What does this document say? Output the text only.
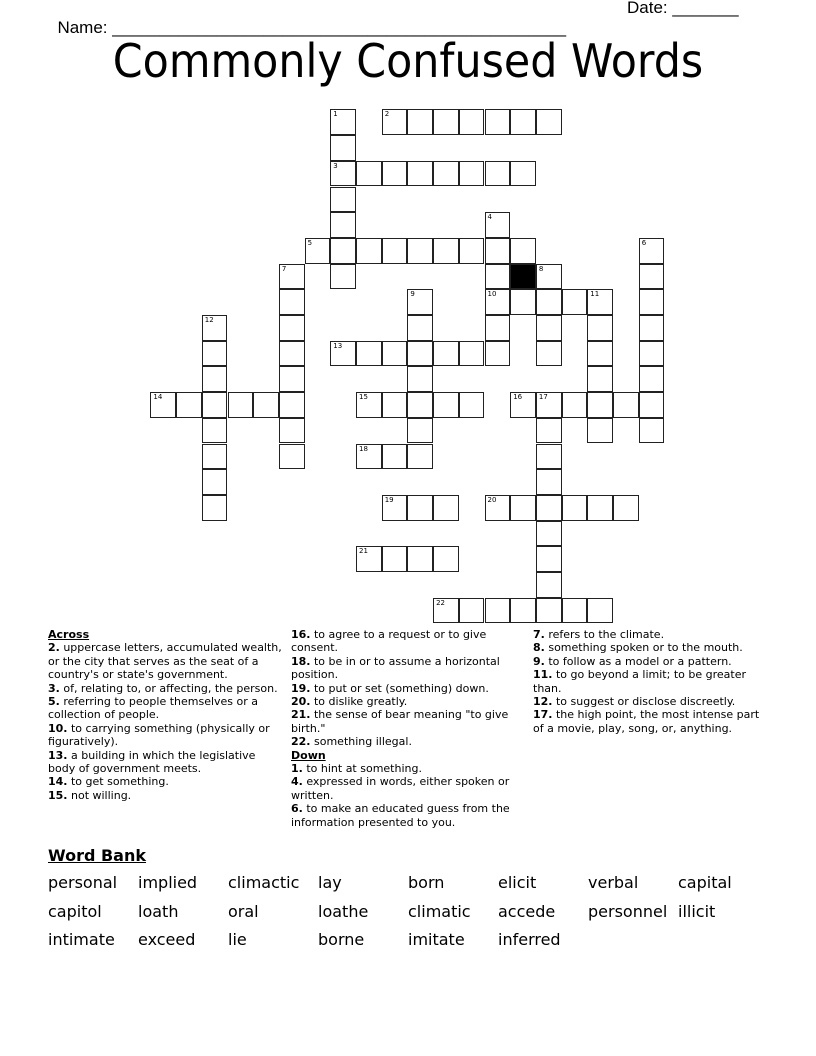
Name: ________________________________________________

Date: _______

Commonly Confused Words
1
3
2
4
10
5	6
7	8
9	11
12
13
14	15	16 17
18
19	20
21
22
Across
2. uppercase letters, accumulated wealth, or the city that serves as the seat of a country's or state's government.
3. of, relating to, or affecting, the person.
5. referring to people themselves or a collection of people.
10. to carrying something (physically or figuratively).
13. a building in which the legislative body of government meets.
14. to get something.
15. not willing.
16. to agree to a request or to give consent.
18. to be in or to assume a horizontal position.
19. to put or set (something) down.
20. to dislike greatly.
21. the sense of bear meaning "to give birth."
22. something illegal.
Down
1. to hint at something.
4. expressed in words, either spoken or written.
6. to make an educated guess from the information presented to you.
7. refers to the climate.
8. something spoken or to the mouth.
9. to follow as a model or a pattern.
11. to go beyond a limit; to be greater than.
12. to suggest or disclose discreetly.
17. the high point, the most intense part of a movie, play, song, or, anything.
Word Bank
personal implied climactic lay	born	elicit	verbal capital
capitol loath	oral	loathe climatic accede personnel illicit
intimate exceed lie	borne	imitate inferred
